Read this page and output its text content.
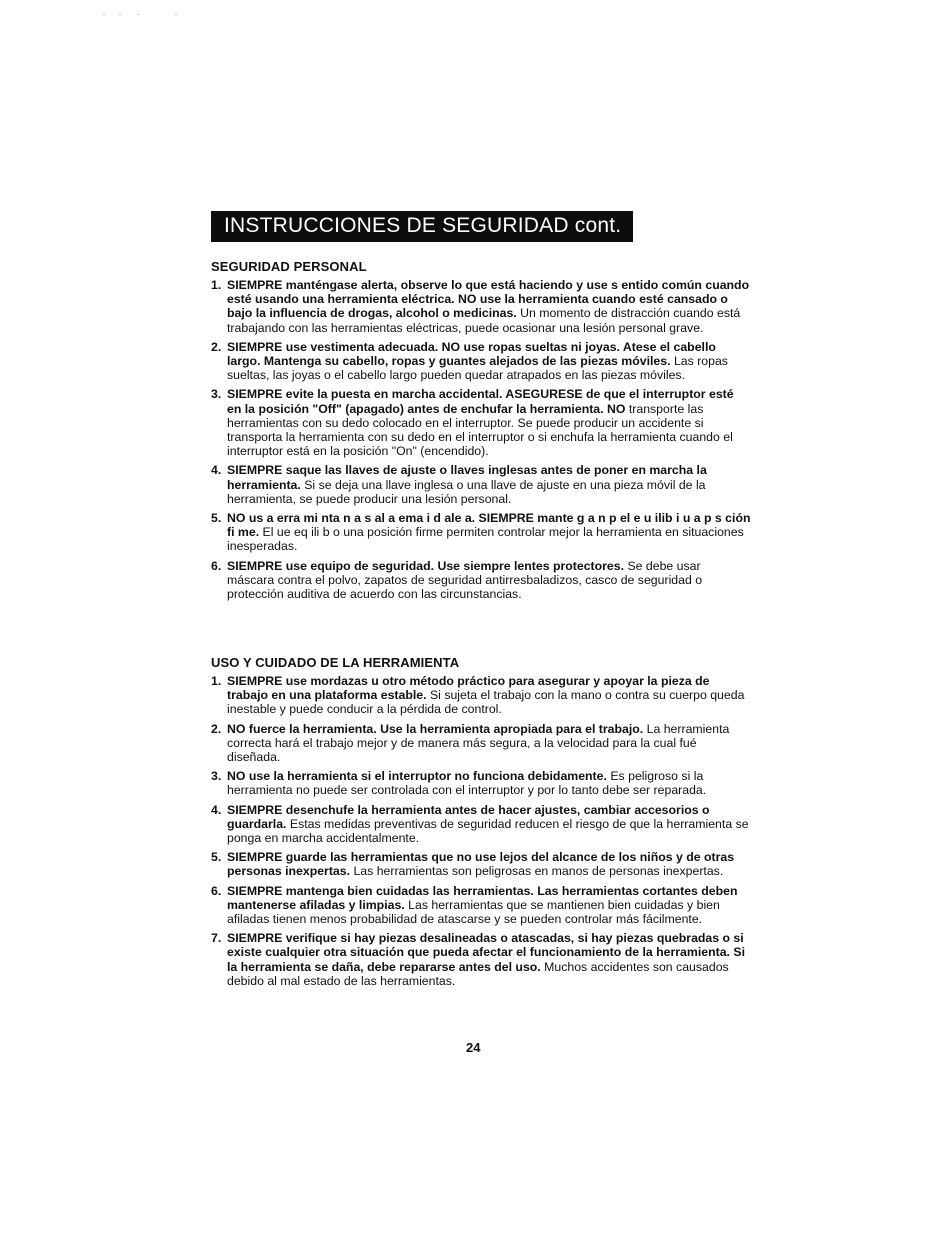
INSTRUCCIONES DE SEGURIDAD cont.
SEGURIDAD PERSONAL
1. SIEMPRE manténgase alerta, observe lo que está haciendo y use s entido común cuando esté usando una herramienta eléctrica. NO use la herramienta cuando esté cansado o bajo la influencia de drogas, alcohol o medicinas. Un momento de distracción cuando está trabajando con las herramientas eléctricas, puede ocasionar una lesión personal grave.
2. SIEMPRE use vestimenta adecuada. NO use ropas sueltas ni joyas. Atese el cabello largo. Mantenga su cabello, ropas y guantes alejados de las piezas móviles. Las ropas sueltas, las joyas o el cabello largo pueden quedar atrapados en las piezas móviles.
3. SIEMPRE evite la puesta en marcha accidental. ASEGURESE de que el interruptor esté en la posición "Off" (apagado) antes de enchufar la herramienta. NO transporte las herramientas con su dedo colocado en el interruptor. Se puede producir un accidente si transporta la herramienta con su dedo en el interruptor o si enchufa la herramienta cuando el interruptor está en la posición "On" (encendido).
4. SIEMPRE saque las llaves de ajuste o llaves inglesas antes de poner en marcha la herramienta. Si se deja una llave inglesa o una llave de ajuste en una pieza móvil de la herramienta, se puede producir una lesión personal.
5. NO us a erra mi nta n a s al a ema i d ale a. SIEMPRE mante g a n p el e u ilib i u a p s ción fi me. El ue eq ili b o una posición firme permiten controlar mejor la herramienta en situaciones inesperadas.
6. SIEMPRE use equipo de seguridad. Use siempre lentes protectores. Se debe usar máscara contra el polvo, zapatos de seguridad antirresbaladizos, casco de seguridad o protección auditiva de acuerdo con las circunstancias.
USO Y CUIDADO DE LA HERRAMIENTA
1. SIEMPRE use mordazas u otro método práctico para asegurar y apoyar la pieza de trabajo en una plataforma estable. Si sujeta el trabajo con la mano o contra su cuerpo queda inestable y puede conducir a la pérdida de control.
2. NO fuerce la herramienta. Use la herramienta apropiada para el trabajo. La herramienta correcta hará el trabajo mejor y de manera más segura, a la velocidad para la cual fué diseñada.
3. NO use la herramienta si el interruptor no funciona debidamente. Es peligroso si la herramienta no puede ser controlada con el interruptor y por lo tanto debe ser reparada.
4. SIEMPRE desenchufe la herramienta antes de hacer ajustes, cambiar accesorios o guardarla. Estas medidas preventivas de seguridad reducen el riesgo de que la herramienta se ponga en marcha accidentalmente.
5. SIEMPRE guarde las herramientas que no use lejos del alcance de los niños y de otras personas inexpertas. Las herramientas son peligrosas en manos de personas inexpertas.
6. SIEMPRE mantenga bien cuidadas las herramientas. Las herramientas cortantes deben mantenerse afiladas y limpias. Las herramientas que se mantienen bien cuidadas y bien afiladas tienen menos probabilidad de atascarse y se pueden controlar más fácilmente.
7. SIEMPRE verifique si hay piezas desalineadas o atascadas, si hay piezas quebradas o si existe cualquier otra situación que pueda afectar el funcionamiento de la herramienta. Si la herramienta se daña, debe repararse antes del uso. Muchos accidentes son causados debido al mal estado de las herramientas.
24
